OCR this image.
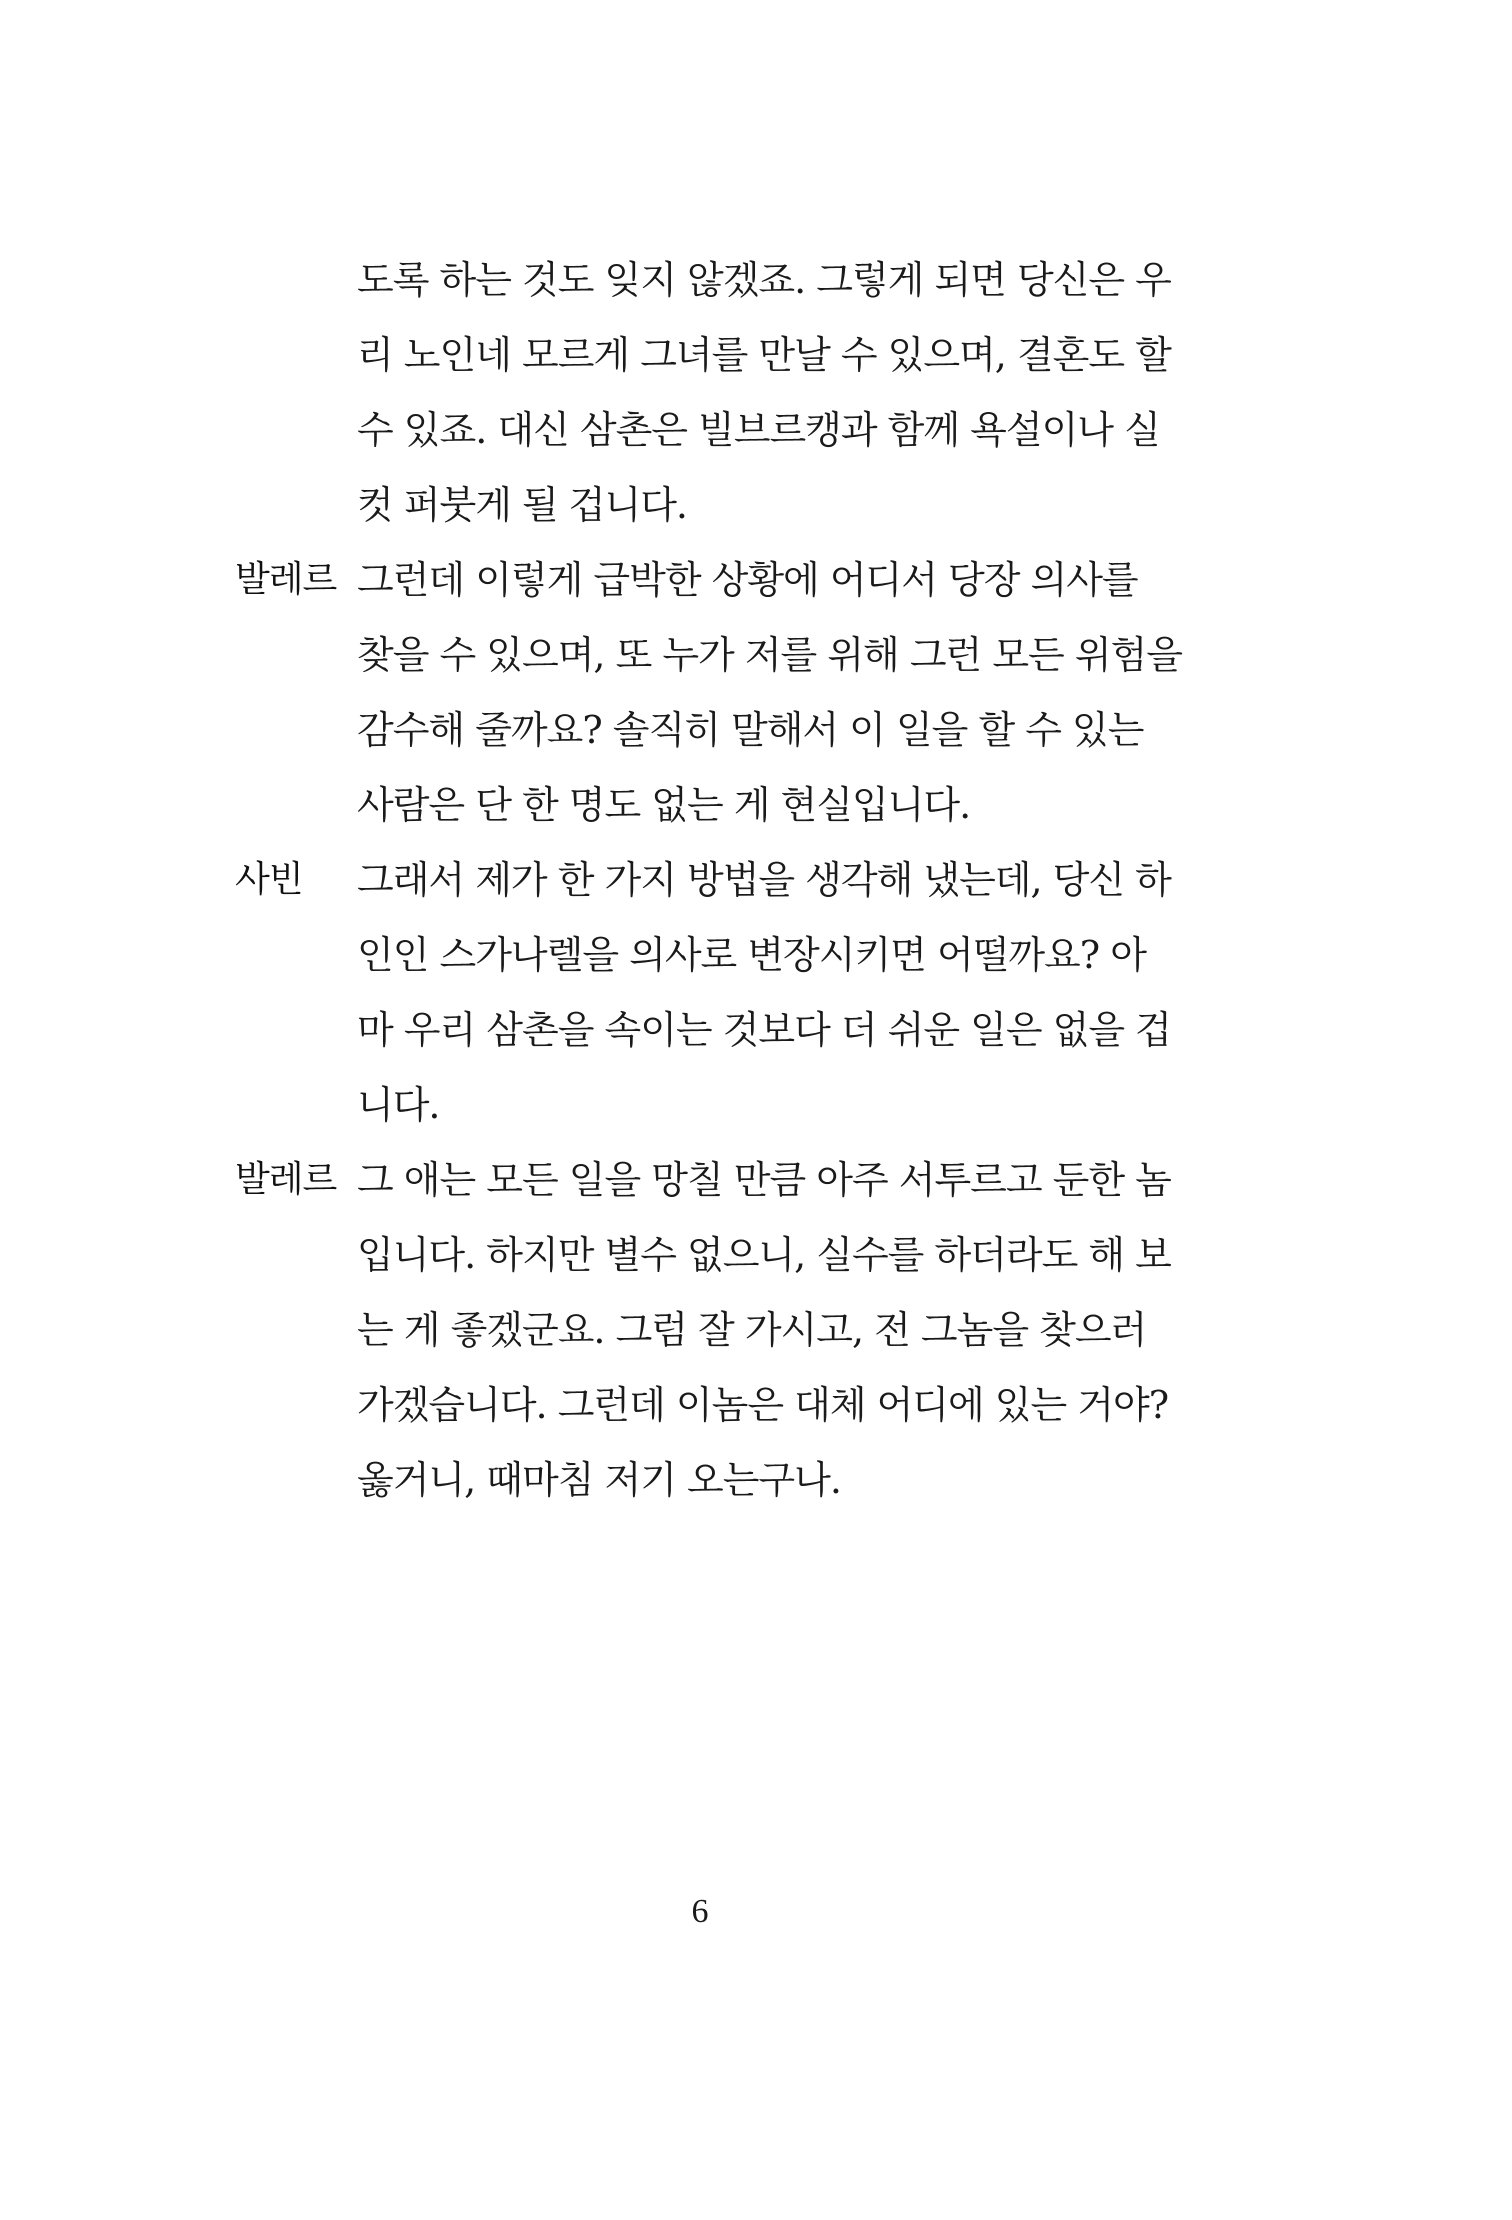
도록 하는 것도 잊지 않겠죠. 그렇게 되면 당신은 우
리 노인네 모르게 그녀를 만날 수 있으며, 결혼도 할
수 있죠. 대신 삼촌은 빌브르캥과 함께 욕설이나 실
컷 퍼붓게 될 겁니다.
발레르 그런데 이렇게 급박한 상황에 어디서 당장 의사를
찾을 수 있으며, 또 누가 저를 위해 그런 모든 위험을
감수해 줄까요? 솔직히 말해서 이 일을 할 수 있는
사람은 단 한 명도 없는 게 현실입니다.
사빈 그래서 제가 한 가지 방법을 생각해 냈는데, 당신 하
인인 스가나렐을 의사로 변장시키면 어떨까요? 아
마 우리 삼촌을 속이는 것보다 더 쉬운 일은 없을 겁
니다.
발레르 그 애는 모든 일을 망칠 만큼 아주 서투르고 둔한 놈
입니다. 하지만 별수 없으니, 실수를 하더라도 해 보
는 게 좋겠군요. 그럼 잘 가시고, 전 그놈을 찾으러
가겠습니다. 그런데 이놈은 대체 어디에 있는 거야?
옳거니, 때마침 저기 오는구나.
6
